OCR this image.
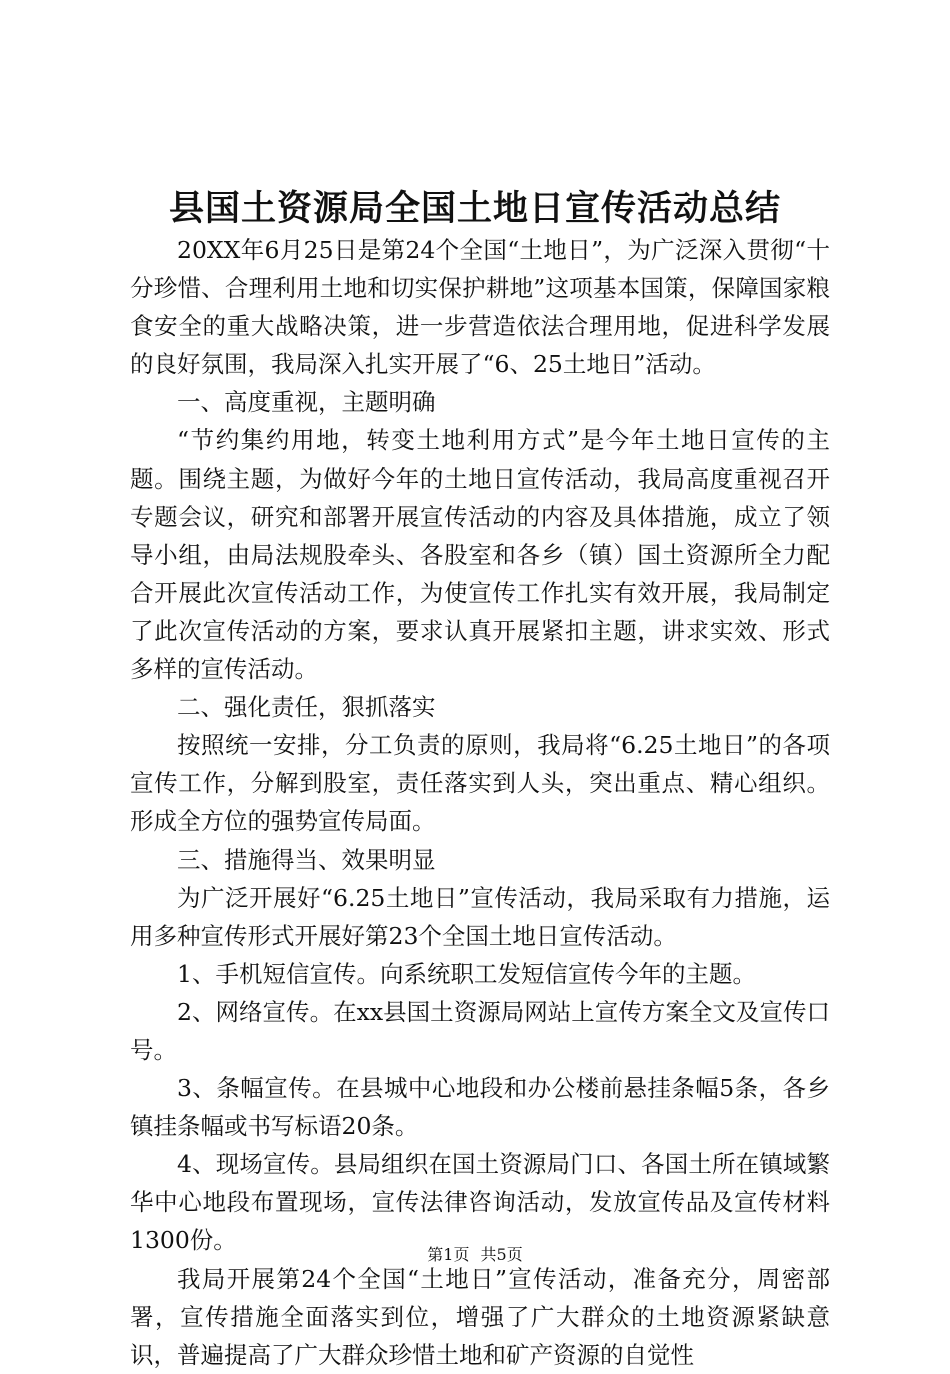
县国土资源局全国土地日宣传活动总结

20XX年6月25日是第24个全国“土地日”，为广泛深入贯彻“十分珍惜、合理利用土地和切实保护耕地”这项基本国策，保障国家粮食安全的重大战略决策，进一步营造依法合理用地，促进科学发展的良好氛围，我局深入扎实开展了“6、25土地日”活动。

一、高度重视，主题明确

“节约集约用地，转变土地利用方式”是今年土地日宣传的主题。围绕主题，为做好今年的土地日宣传活动，我局高度重视召开专题会议，研究和部署开展宣传活动的内容及具体措施，成立了领导小组，由局法规股牵头、各股室和各乡（镇）国土资源所全力配合开展此次宣传活动工作，为使宣传工作扎实有效开展，我局制定了此次宣传活动的方案，要求认真开展紧扣主题，讲求实效、形式多样的宣传活动。

二、强化责任，狠抓落实

按照统一安排，分工负责的原则，我局将“6.25土地日”的各项宣传工作，分解到股室，责任落实到人头，突出重点、精心组织。形成全方位的强势宣传局面。

三、措施得当、效果明显

为广泛开展好“6.25土地日”宣传活动，我局采取有力措施，运用多种宣传形式开展好第23个全国土地日宣传活动。

1、手机短信宣传。向系统职工发短信宣传今年的主题。

2、网络宣传。在xx县国土资源局网站上宣传方案全文及宣传口号。

3、条幅宣传。在县城中心地段和办公楼前悬挂条幅5条，各乡镇挂条幅或书写标语20条。

4、现场宣传。县局组织在国土资源局门口、各国土所在镇域繁华中心地段布置现场，宣传法律咨询活动，发放宣传品及宣传材料1300份。

我局开展第24个全国“土地日”宣传活动，准备充分，周密部署，宣传措施全面落实到位，增强了广大群众的土地资源紧缺意识，普遍提高了广大群众珍惜土地和矿产资源的自觉性

第1页 共5页
